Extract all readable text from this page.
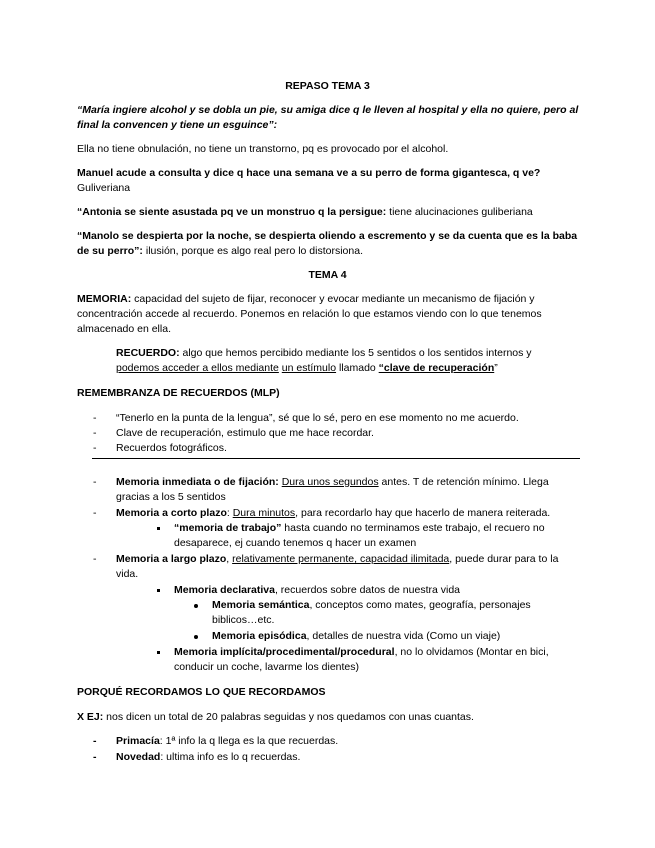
REPASO TEMA 3
“María ingiere alcohol y se dobla un pie, su amiga dice q le lleven al hospital y ella no quiere, pero al
final la convencen y tiene un esguince”:
Ella no tiene obnulación, no tiene un transtorno, pq es provocado por el alcohol.
Manuel acude a consulta y dice q hace una semana ve a su perro de forma gigantesca, q ve?
Guliveriana
“Antonia se siente asustada pq ve un monstruo q la persigue: tiene alucinaciones guliberiana
“Manolo se despierta por la noche, se despierta oliendo a escremento y se da cuenta que es la baba
de su perro”: ilusión, porque es algo real pero lo distorsiona.
TEMA 4
MEMORIA: capacidad del sujeto de fijar, reconocer y evocar mediante un mecanismo de fijación y
concentración accede al recuerdo. Ponemos en relación lo que estamos viendo con lo que tenemos
almacenado en ella.
RECUERDO: algo que hemos percibido mediante los 5 sentidos o los sentidos internos y
podemos acceder a ellos mediante un estímulo llamado “clave de recuperación”
REMEMBRANZA DE RECUERDOS (MLP)
- “Tenerlo en la punta de la lengua”, sé que lo sé, pero en ese momento no me acuerdo.
- Clave de recuperación, estimulo que me hace recordar.
- Recuerdos fotográficos.
- Memoria inmediata o de fijación: Dura unos segundos antes. T de retención mínimo. Llega
gracias a los 5 sentidos
- Memoria a corto plazo: Dura minutos, para recordarlo hay que hacerlo de manera reiterada.
“memoria de trabajo” hasta cuando no terminamos este trabajo, el recuero no
desaparece, ej cuando tenemos q hacer un examen
- Memoria a largo plazo, relativamente permanente, capacidad ilimitada, puede durar para to la
vida.
Memoria declarativa, recuerdos sobre datos de nuestra vida
Memoria semántica, conceptos como mates, geografía, personajes
biblicos…etc.
Memoria episódica, detalles de nuestra vida (Como un viaje)
Memoria implícita/procedimental/procedural, no lo olvidamos (Montar en bici,
conducir un coche, lavarme los dientes)
PORQUÉ RECORDAMOS LO QUE RECORDAMOS
X EJ: nos dicen un total de 20 palabras seguidas y nos quedamos con unas cuantas.
- Primacía: 1ª info la q llega es la que recuerdas.
- Novedad: ultima info es lo q recuerdas.
